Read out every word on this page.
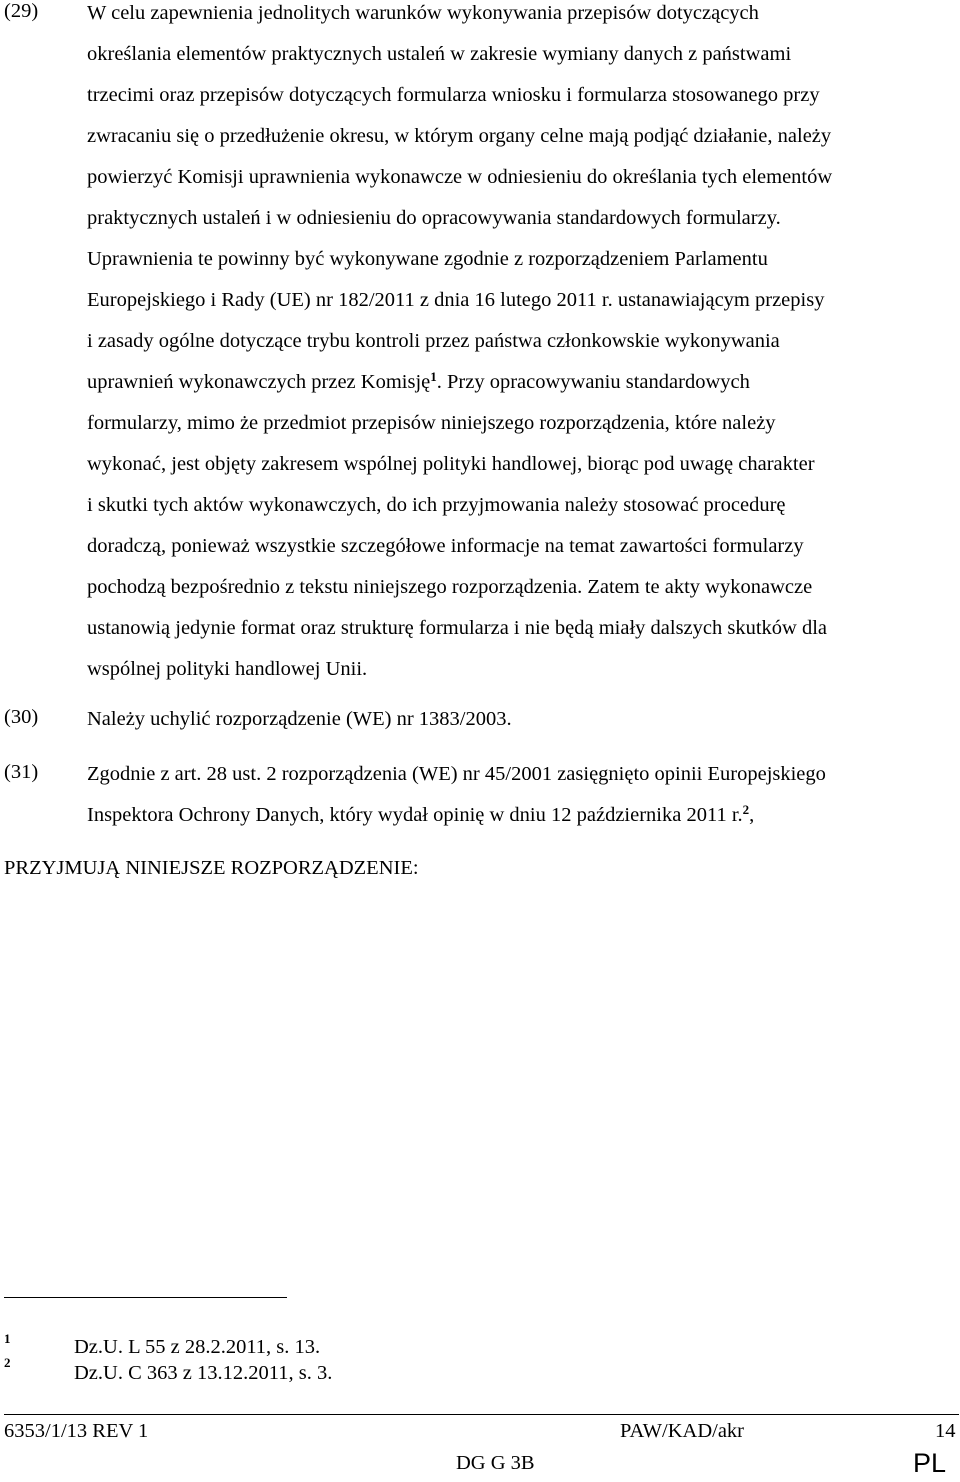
(29) W celu zapewnienia jednolitych warunków wykonywania przepisów dotyczących
określania elementów praktycznych ustaleń w zakresie wymiany danych z państwami
trzecimi oraz przepisów dotyczących formularza wniosku i formularza stosowanego przy
zwracaniu się o przedłużenie okresu, w którym organy celne mają podjąć działanie, należy
powierzyć Komisji uprawnienia wykonawcze w odniesieniu do określania tych elementów
praktycznych ustaleń i w odniesieniu do opracowywania standardowych formularzy.
Uprawnienia te powinny być wykonywane zgodnie z rozporządzeniem Parlamentu
Europejskiego i Rady (UE) nr 182/2011 z dnia 16 lutego 2011 r. ustanawiającym przepisy
i zasady ogólne dotyczące trybu kontroli przez państwa członkowskie wykonywania
uprawnień wykonawczych przez Komisję$^1$. Przy opracowywaniu standardowych
formularzy, mimo że przedmiot przepisów niniejszego rozporządzenia, które należy
wykonać, jest objęty zakresem wspólnej polityki handlowej, biorąc pod uwagę charakter
i skutki tych aktów wykonawczych, do ich przyjmowania należy stosować procedurę
doradczą, ponieważ wszystkie szczegółowe informacje na temat zawartości formularzy
pochodzą bezpośrednio z tekstu niniejszego rozporządzenia. Zatem te akty wykonawcze
ustanowią jedynie format oraz strukturę formularza i nie będą miały dalszych skutków dla
wspólnej polityki handlowej Unii.
(30) Należy uchylić rozporządzenie (WE) nr 1383/2003.
(31) Zgodnie z art. 28 ust. 2 rozporządzenia (WE) nr 45/2001 zasięgnięto opinii Europejskiego
Inspektora Ochrony Danych, który wydał opinię w dniu 12 października 2011 r.$^2$,
PRZYJMUJĄ NINIEJSZE ROZPORZĄDZENIE:
1	Dz.U. L 55 z 28.2.2011, s. 13.
2	Dz.U. C 363 z 13.12.2011, s. 3.
6353/1/13 REV 1	PAW/KAD/akr	14
DG G 3B	PL
